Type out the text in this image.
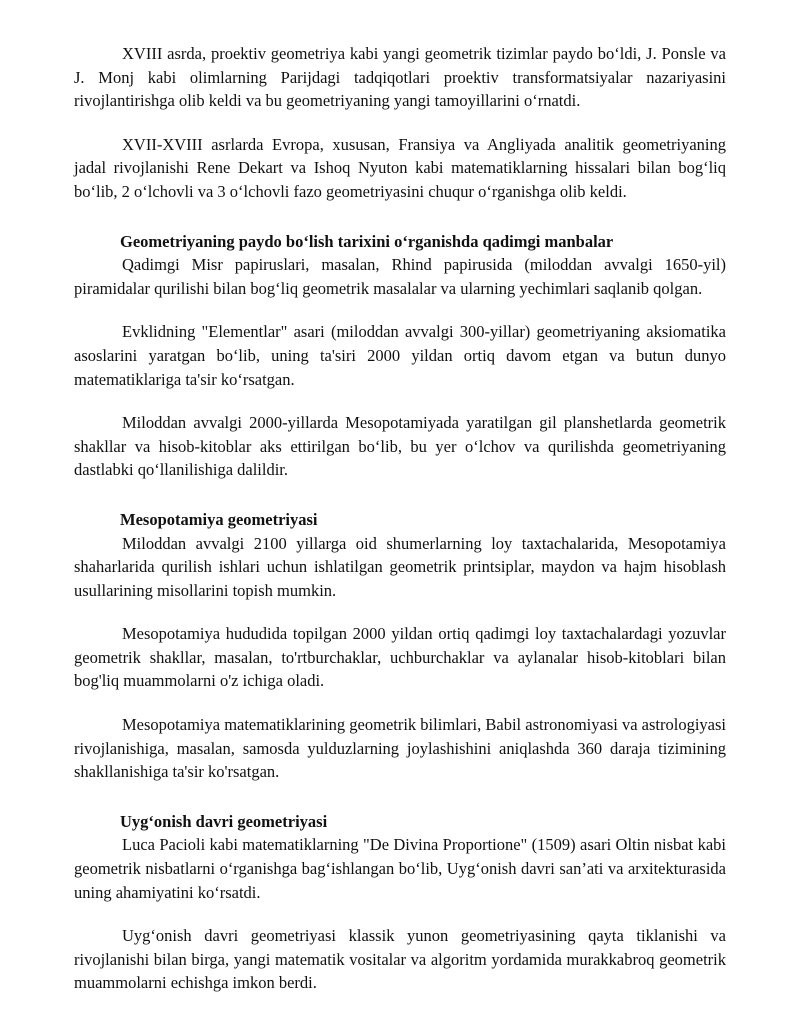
XVIII asrda, proektiv geometriya kabi yangi geometrik tizimlar paydo bo‘ldi, J. Ponsle va J. Monj kabi olimlarning Parijdagi tadqiqotlari proektiv transformatsiyalar nazariyasini rivojlantirishga olib keldi va bu geometriyaning yangi tamoyillarini o‘rnatdi.

XVII-XVIII asrlarda Evropa, xususan, Fransiya va Angliyada analitik geometriyaning jadal rivojlanishi Rene Dekart va Ishoq Nyuton kabi matematiklarning hissalari bilan bog‘liq bo‘lib, 2 o‘lchovli va 3 o‘lchovli fazo geometriyasini chuqur o‘rganishga olib keldi.

Geometriyaning paydo bo‘lish tarixini o‘rganishda qadimgi manbalar

Qadimgi Misr papiruslari, masalan, Rhind papirusida (miloddan avvalgi 1650-yil) piramidalar qurilishi bilan bog‘liq geometrik masalalar va ularning yechimlari saqlanib qolgan.

Evklidning "Elementlar" asari (miloddan avvalgi 300-yillar) geometriyaning aksiomatika asoslarini yaratgan bo‘lib, uning ta'siri 2000 yildan ortiq davom etgan va butun dunyo matematiklariga ta'sir ko‘rsatgan.

Miloddan avvalgi 2000-yillarda Mesopotamiyada yaratilgan gil planshetlarda geometrik shakllar va hisob-kitoblar aks ettirilgan bo‘lib, bu yer o‘lchov va qurilishda geometriyaning dastlabki qo‘llanilishiga dalildir.

Mesopotamiya geometriyasi

Miloddan avvalgi 2100 yillarga oid shumerlarning loy taxtachalarida, Mesopotamiya shaharlarida qurilish ishlari uchun ishlatilgan geometrik printsiplar, maydon va hajm hisoblash usullarining misollarini topish mumkin.

Mesopotamiya hududida topilgan 2000 yildan ortiq qadimgi loy taxtachalardagi yozuvlar geometrik shakllar, masalan, to'rtburchaklar, uchburchaklar va aylanalar hisob-kitoblari bilan bog'liq muammolarni o'z ichiga oladi.

Mesopotamiya matematiklarining geometrik bilimlari, Babil astronomiyasi va astrologiyasi rivojlanishiga, masalan, samosda yulduzlarning joylashishini aniqlashda 360 daraja tizimining shakllanishiga ta'sir ko'rsatgan.

Uyg‘onish davri geometriyasi

Luca Pacioli kabi matematiklarning "De Divina Proportione" (1509) asari Oltin nisbat kabi geometrik nisbatlarni o‘rganishga bag‘ishlangan bo‘lib, Uyg‘onish davri san’ati va arxitekturasida uning ahamiyatini ko‘rsatdi.

Uyg‘onish davri geometriyasi klassik yunon geometriyasining qayta tiklanishi va rivojlanishi bilan birga, yangi matematik vositalar va algoritm yordamida murakkabroq geometrik muammolarni echishga imkon berdi.
